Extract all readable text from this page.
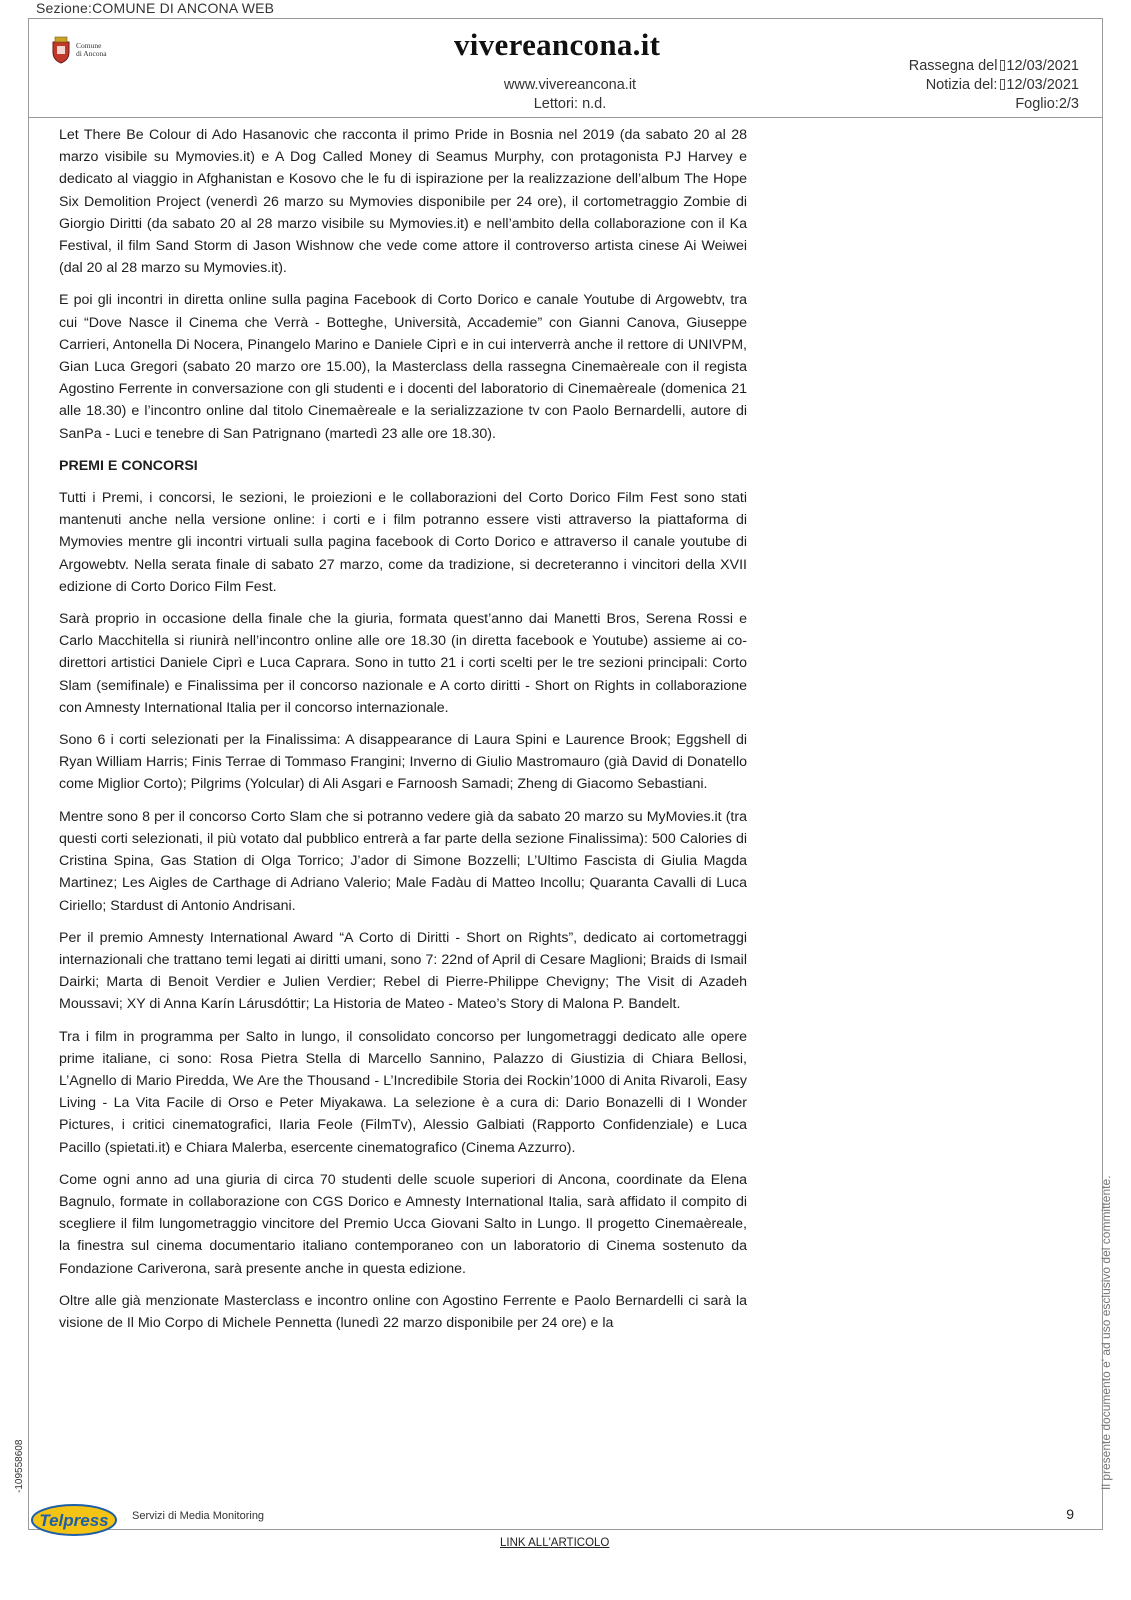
Sezione:COMUNE DI ANCONA WEB
Comune
di Ancona	vivereancona.it
www.vivereancona.it
Lettori: n.d.
Rassegna del 12/03/2021
Notizia del: 12/03/2021
Foglio:2/3

Let There Be Colour di Ado Hasanovic che racconta il primo Pride in Bosnia nel 2019 (da sabato 20 al 28 marzo visibile su Mymovies.it) e A Dog Called Money di Seamus Murphy, con protagonista PJ Harvey e dedicato al viaggio in Afghanistan e Kosovo che le fu di ispirazione per la realizzazione dell’album The Hope Six Demolition Project (venerdì 26 marzo su Mymovies disponibile per 24 ore), il cortometraggio Zombie di Giorgio Diritti (da sabato 20 al 28 marzo visibile su Mymovies.it) e nell’ambito della collaborazione con il Ka Festival, il film Sand Storm di Jason Wishnow che vede come attore il controverso artista cinese Ai Weiwei (dal 20 al 28 marzo su Mymovies.it).

E poi gli incontri in diretta online sulla pagina Facebook di Corto Dorico e canale Youtube di Argowebtv, tra cui “Dove Nasce il Cinema che Verrà - Botteghe, Università, Accademie” con Gianni Canova, Giuseppe Carrieri, Antonella Di Nocera, Pinangelo Marino e Daniele Ciprì e in cui interverrà anche il rettore di UNIVPM, Gian Luca Gregori (sabato 20 marzo ore 15.00), la Masterclass della rassegna Cinemaèreale con il regista Agostino Ferrente in conversazione con gli studenti e i docenti del laboratorio di Cinemaèreale (domenica 21 alle 18.30) e l’incontro online dal titolo Cinemaèreale e la serializzazione tv con Paolo Bernardelli, autore di SanPa - Luci e tenebre di San Patrignano (martedì 23 alle ore 18.30).

PREMI E CONCORSI

Tutti i Premi, i concorsi, le sezioni, le proiezioni e le collaborazioni del Corto Dorico Film Fest sono stati mantenuti anche nella versione online: i corti e i film potranno essere visti attraverso la piattaforma di Mymovies mentre gli incontri virtuali sulla pagina facebook di Corto Dorico e attraverso il canale youtube di Argowebtv. Nella serata finale di sabato 27 marzo, come da tradizione, si decreteranno i vincitori della XVII edizione di Corto Dorico Film Fest.

Sarà proprio in occasione della finale che la giuria, formata quest’anno dai Manetti Bros, Serena Rossi e Carlo Macchitella si riunirà nell’incontro online alle ore 18.30 (in diretta facebook e Youtube) assieme ai co-direttori artistici Daniele Ciprì e Luca Caprara. Sono in tutto 21 i corti scelti per le tre sezioni principali: Corto Slam (semifinale) e Finalissima per il concorso nazionale e A corto diritti - Short on Rights in collaborazione con Amnesty International Italia per il concorso internazionale.

Sono 6 i corti selezionati per la Finalissima: A disappearance di Laura Spini e Laurence Brook; Eggshell di Ryan William Harris; Finis Terrae di Tommaso Frangini; Inverno di Giulio Mastromauro (già David di Donatello come Miglior Corto); Pilgrims (Yolcular) di Ali Asgari e Farnoosh Samadi; Zheng di Giacomo Sebastiani.

Mentre sono 8 per il concorso Corto Slam che si potranno vedere già da sabato 20 marzo su MyMovies.it (tra questi corti selezionati, il più votato dal pubblico entrerà a far parte della sezione Finalissima): 500 Calories di Cristina Spina, Gas Station di Olga Torrico; J’ador di Simone Bozzelli; L’Ultimo Fascista di Giulia Magda Martinez; Les Aigles de Carthage di Adriano Valerio; Male Fadàu di Matteo Incollu; Quaranta Cavalli di Luca Ciriello; Stardust di Antonio Andrisani.

Per il premio Amnesty International Award “A Corto di Diritti - Short on Rights”, dedicato ai cortometraggi internazionali che trattano temi legati ai diritti umani, sono 7: 22nd of April di Cesare Maglioni; Braids di Ismail Dairki; Marta di Benoit Verdier e Julien Verdier; Rebel di Pierre-Philippe Chevigny; The Visit di Azadeh Moussavi; XY di Anna Karín Lárusdóttir; La Historia de Mateo - Mateo’s Story di Malona P. Bandelt.

Tra i film in programma per Salto in lungo, il consolidato concorso per lungometraggi dedicato alle opere prime italiane, ci sono: Rosa Pietra Stella di Marcello Sannino, Palazzo di Giustizia di Chiara Bellosi, L’Agnello di Mario Piredda, We Are the Thousand - L’Incredibile Storia dei Rockin’1000 di Anita Rivaroli, Easy Living - La Vita Facile di Orso e Peter Miyakawa. La selezione è a cura di: Dario Bonazelli di I Wonder Pictures, i critici cinematografici, Ilaria Feole (FilmTv), Alessio Galbiati (Rapporto Confidenziale) e Luca Pacillo (spietati.it) e Chiara Malerba, esercente cinematografico (Cinema Azzurro).

Come ogni anno ad una giuria di circa 70 studenti delle scuole superiori di Ancona, coordinate da Elena Bagnulo, formate in collaborazione con CGS Dorico e Amnesty International Italia, sarà affidato il compito di scegliere il film lungometraggio vincitore del Premio Ucca Giovani Salto in Lungo. Il progetto Cinemaèreale, la finestra sul cinema documentario italiano contemporaneo con un laboratorio di Cinema sostenuto da Fondazione Cariverona, sarà presente anche in questa edizione.

Oltre alle già menzionate Masterclass e incontro online con Agostino Ferrente e Paolo Bernardelli ci sarà la visione de Il Mio Corpo di Michele Pennetta (lunedì 22 marzo disponibile per 24 ore) e la	Il presente documento e' ad uso esclusivo del committente.
-109558608
9
Telpress Servizi di Media Monitoring
LINK ALL'ARTICOLO
